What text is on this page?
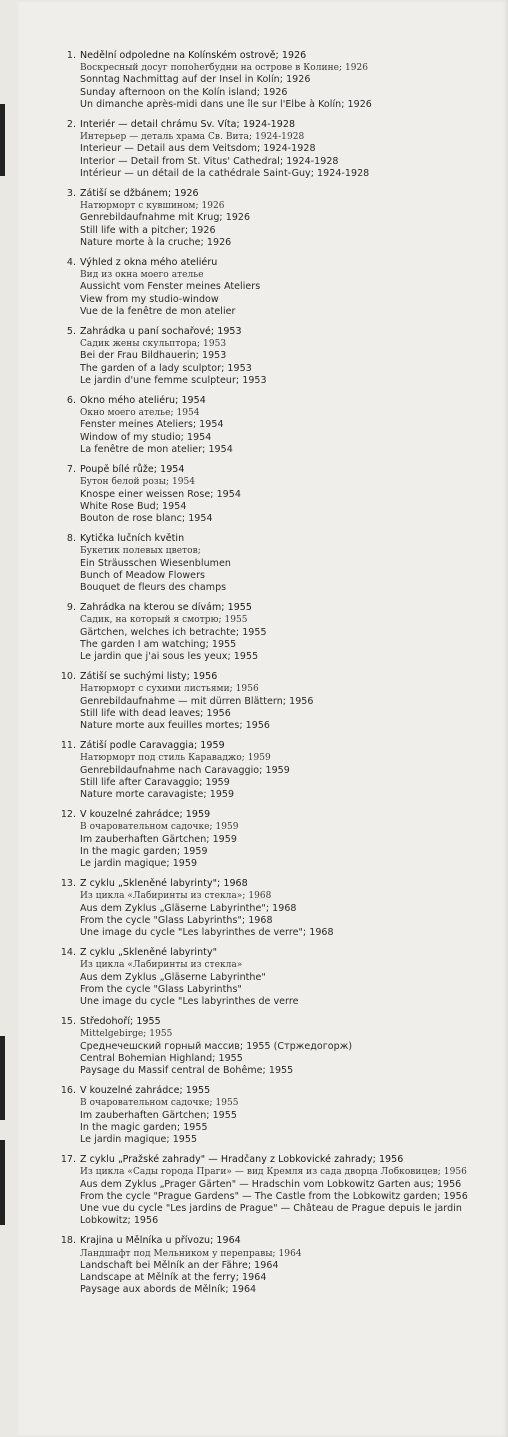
1. Nedělní odpoledne na Kolínském ostrově; 1926
Воскресный досуг попоherбудни на острове в Колине; 1926
Sonntag Nachmittag auf der Insel in Kolín; 1926
Sunday afternoon on the Kolín island; 1926
Un dimanche après-midi dans une île sur l'Elbe à Kolín; 1926
2. Interiér — detail chrámu Sv. Víta; 1924-1928
Интерьер — деталь храма Св. Вита; 1924-1928
Interieur — Detail aus dem Veitsdom; 1924-1928
Interior — Detail from St. Vitus' Cathedral; 1924-1928
Intérieur — un détail de la cathédrale Saint-Guy; 1924-1928
3. Zátiší se džbánem; 1926
Натюрморт с кувшином; 1926
Genrebildaufnahme mit Krug; 1926
Still life with a pitcher; 1926
Nature morte à la cruche; 1926
4. Výhled z okna mého ateliéru
Вид из окна моего ателье
Aussicht vom Fenster meines Ateliers
View from my studio-window
Vue de la fenêtre de mon atelier
5. Zahrádka u paní sochařové; 1953
Садик жены скульптора; 1953
Bei der Frau Bildhauerin; 1953
The garden of a lady sculptor; 1953
Le jardin d'une femme sculpteur; 1953
6. Okno mého ateliéru; 1954
Окно моего ателье; 1954
Fenster meines Ateliers; 1954
Window of my studio; 1954
La fenêtre de mon atelier; 1954
7. Poupě bílé růže; 1954
Бутон белой розы; 1954
Knospe einer weissen Rose; 1954
White Rose Bud; 1954
Bouton de rose blanc; 1954
8. Kytička lučních květin
Букетик полевых цветов;
Ein Sträusschen Wiesenblumen
Bunch of Meadow Flowers
Bouquet de fleurs des champs
9. Zahrádka na kterou se dívám; 1955
Садик, на который я смотрю; 1955
Gärtchen, welches ich betrachte; 1955
The garden I am watching; 1955
Le jardin que j'ai sous les yeux; 1955
10. Zátiší se suchými listy; 1956
Натюрморт с сухими листьями; 1956
Genrebildaufnahme — mit dürren Blättern; 1956
Still life with dead leaves; 1956
Nature morte aux feuilles mortes; 1956
11. Zátiší podle Caravaggia; 1959
Натюрморт под стиль Караваджо; 1959
Genrebildaufnahme nach Caravaggio; 1959
Still life after Caravaggio; 1959
Nature morte caravagiste; 1959
12. V kouzelné zahrádce; 1959
В очаровательном садочке; 1959
Im zauberhaften Gärtchen; 1959
In the magic garden; 1959
Le jardin magique; 1959
13. Z cyklu „Skleněné labyrinty"; 1968
Из цикла «Лабиринты из стекла»; 1968
Aus dem Zyklus „Gläserne Labyrinthe"; 1968
From the cycle "Glass Labyrinths"; 1968
Une image du cycle "Les labyrinthes de verre"; 1968
14. Z cyklu „Skleněné labyrinty"
Из цикла «Лабиринты из стекла»
Aus dem Zyklus „Gläserne Labyrinthe"
From the cycle "Glass Labyrinths"
Une image du cycle "Les labyrinthes de verre
15. Středohoří; 1955
Mittelgebirge; 1955
Среднечешский горный массив; 1955 (Стржедогорж)
Central Bohemian Highland; 1955
Paysage du Massif central de Bohême; 1955
16. V kouzelné zahrádce; 1955
В очаровательном садочке; 1955
Im zauberhaften Gärtchen; 1955
In the magic garden; 1955
Le jardin magique; 1955
17. Z cyklu „Pražské zahrady" — Hradčany z Lobkovické zahrady; 1956
Из цикла «Сады города Праги» — вид Кремля из сада дворца Лобковицев; 1956
Aus dem Zyklus „Prager Gärten" — Hradschin vom Lobkowitz Garten aus; 1956
From the cycle "Prague Gardens" — The Castle from the Lobkowitz garden; 1956
Une vue du cycle "Les jardins de Prague" — Château de Prague depuis le jardin Lobkowitz; 1956
18. Krajina u Mělníka u přívozu; 1964
Ландшафт под Мельником у переправы; 1964
Landschaft bei Mělník an der Fähre; 1964
Landscape at Mělník at the ferry; 1964
Paysage aux abords de Mělník; 1964
